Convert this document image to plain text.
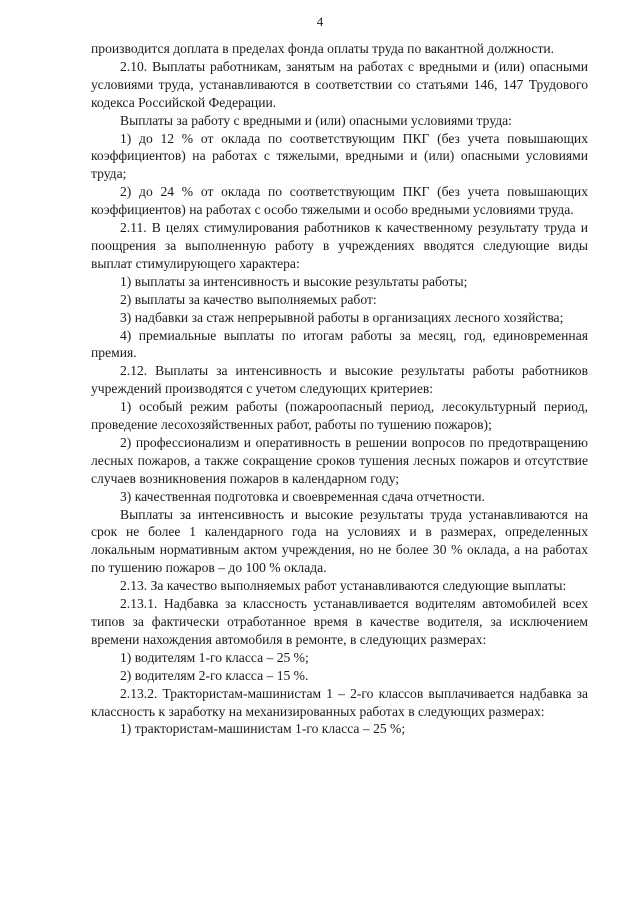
4

производится доплата в пределах фонда оплаты труда по вакантной должности.

2.10. Выплаты работникам, занятым на работах с вредными и (или) опасными условиями труда, устанавливаются в соответствии со статьями 146, 147 Трудового кодекса Российской Федерации.

Выплаты за работу с вредными и (или) опасными условиями труда:

1) до 12 % от оклада по соответствующим ПКГ (без учета повышающих коэффициентов) на работах с тяжелыми, вредными и (или) опасными условиями труда;

2) до 24 % от оклада по соответствующим ПКГ (без учета повышающих коэффициентов) на работах с особо тяжелыми и особо вредными условиями труда.

2.11. В целях стимулирования работников к качественному результату труда и поощрения за выполненную работу в учреждениях вводятся следующие виды выплат стимулирующего характера:

1) выплаты за интенсивность и высокие результаты работы;

2) выплаты за качество выполняемых работ:

3) надбавки за стаж непрерывной работы в организациях лесного хозяйства;

4) премиальные выплаты по итогам работы за месяц, год, единовременная премия.

2.12. Выплаты за интенсивность и высокие результаты работы работников учреждений производятся с учетом следующих критериев:

1) особый режим работы (пожароопасный период, лесокультурный период, проведение лесохозяйственных работ, работы по тушению пожаров);

2) профессионализм и оперативность в решении вопросов по предотвращению лесных пожаров, а также сокращение сроков тушения лесных пожаров и отсутствие случаев возникновения пожаров в календарном году;

3) качественная подготовка и своевременная сдача отчетности.

Выплаты за интенсивность и высокие результаты труда устанавливаются на срок не более 1 календарного года на условиях и в размерах, определенных локальным нормативным актом учреждения, но не более 30 % оклада, а на работах по тушению пожаров – до 100 % оклада.

2.13. За качество выполняемых работ устанавливаются следующие выплаты:

2.13.1. Надбавка за классность устанавливается водителям автомобилей всех типов за фактически отработанное время в качестве водителя, за исключением времени нахождения автомобиля в ремонте, в следующих размерах:

1) водителям 1-го класса – 25 %;

2) водителям 2-го класса – 15 %.

2.13.2. Трактористам-машинистам 1 – 2-го классов выплачивается надбавка за классность к заработку на механизированных работах в следующих размерах:

1) трактористам-машинистам 1-го класса – 25 %;
